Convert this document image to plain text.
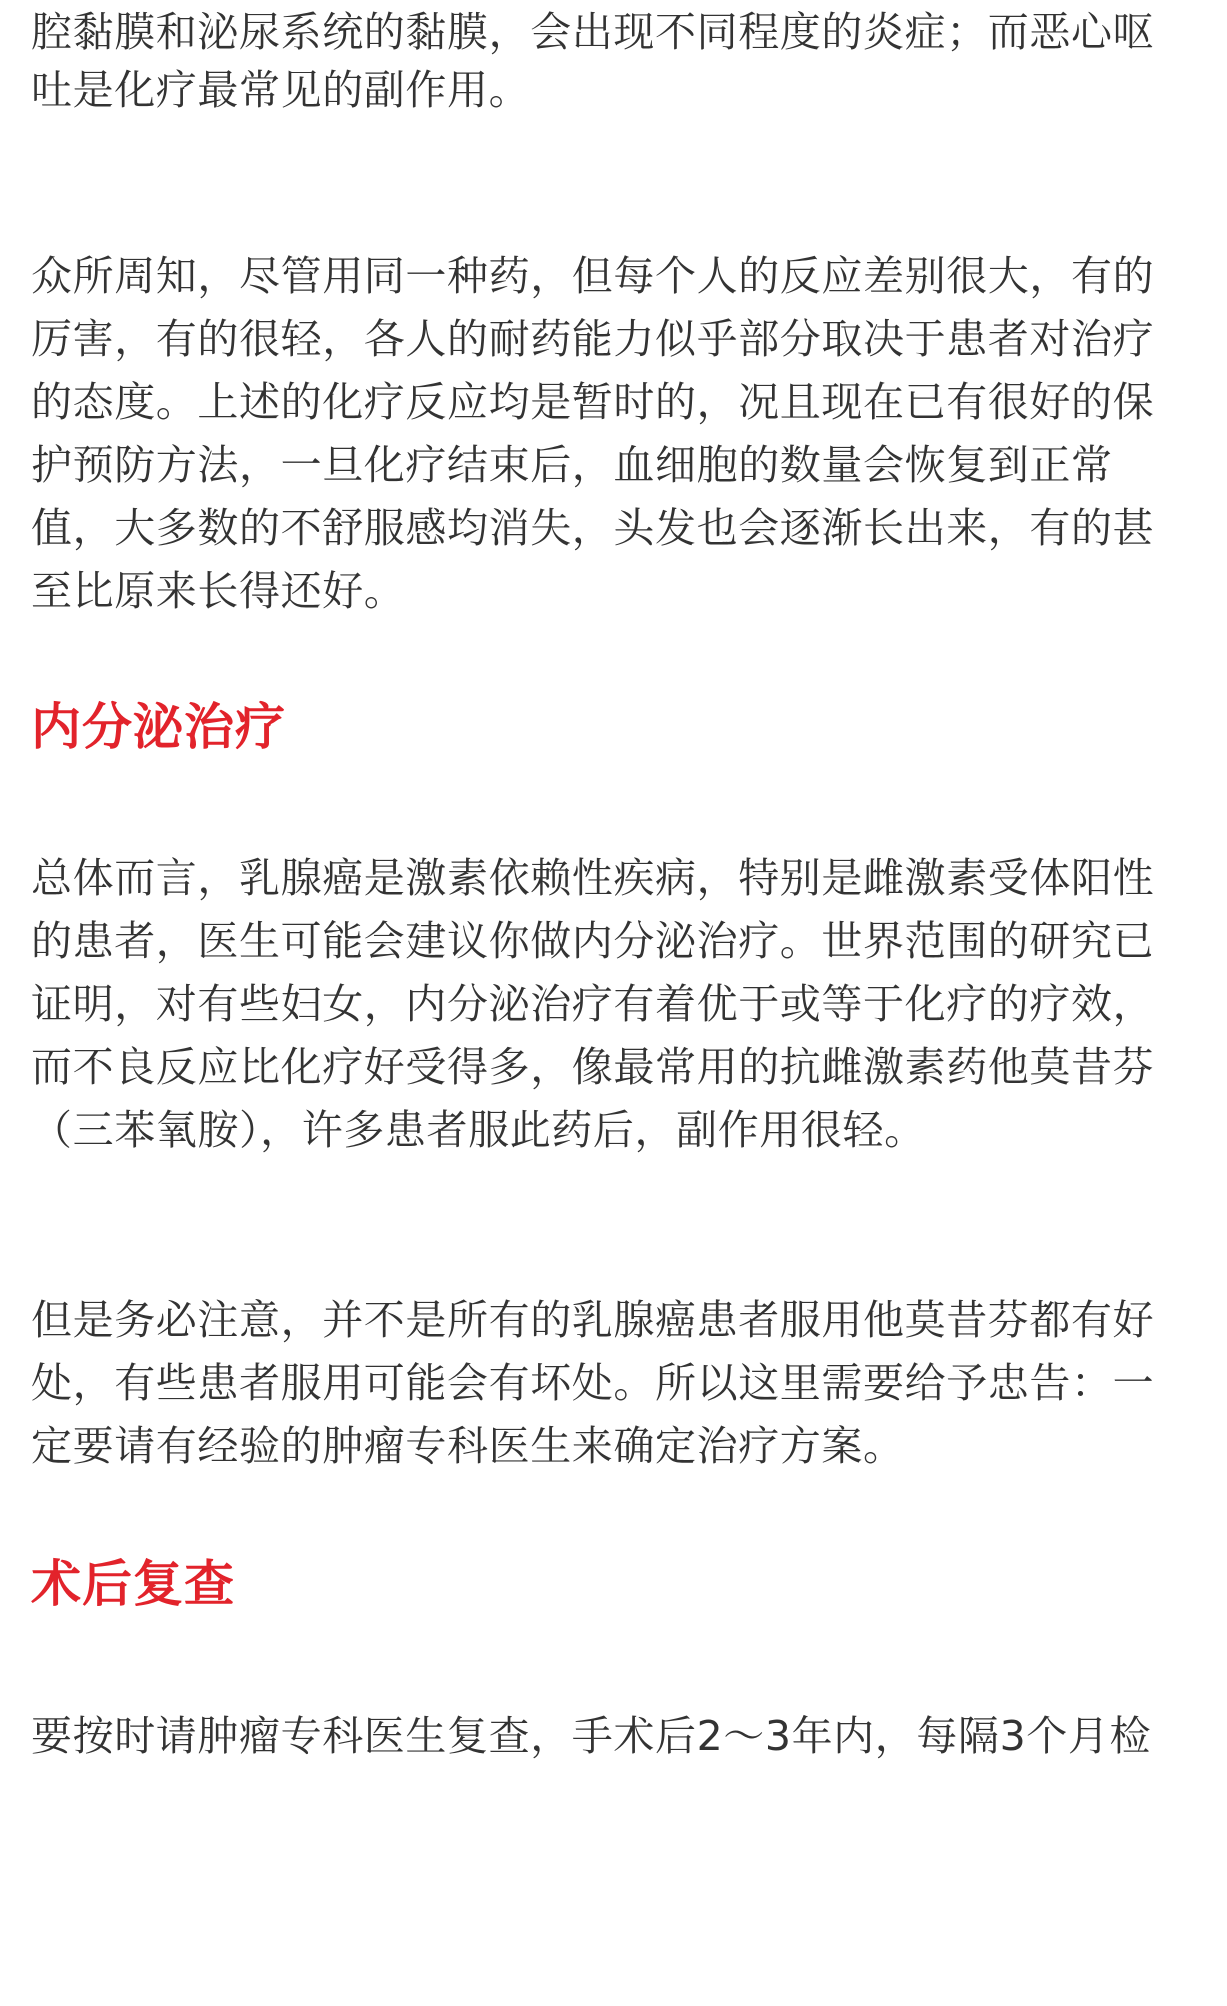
腔黏膜和泌尿系统的黏膜，会出现不同程度的炎症；而恶心呕
吐是化疗最常见的副作用。
众所周知，尽管用同一种药，但每个人的反应差别很大，有的
厉害，有的很轻，各人的耐药能力似乎部分取决于患者对治疗
的态度。上述的化疗反应均是暂时的，况且现在已有很好的保
护预防方法，一旦化疗结束后，血细胞的数量会恢复到正常
值，大多数的不舒服感均消失，头发也会逐渐长出来，有的甚
至比原来长得还好。
内分泌治疗
总体而言，乳腺癌是激素依赖性疾病，特别是雌激素受体阳性
的患者，医生可能会建议你做内分泌治疗。世界范围的研究已
证明，对有些妇女，内分泌治疗有着优于或等于化疗的疗效，
而不良反应比化疗好受得多，像最常用的抗雌激素药他莫昔芬
（三苯氧胺），许多患者服此药后，副作用很轻。
但是务必注意，并不是所有的乳腺癌患者服用他莫昔芬都有好
处，有些患者服用可能会有坏处。所以这里需要给予忠告：一
定要请有经验的肿瘤专科医生来确定治疗方案。
术后复查
要按时请肿瘤专科医生复查，手术后2～3年内，每隔3个月检
